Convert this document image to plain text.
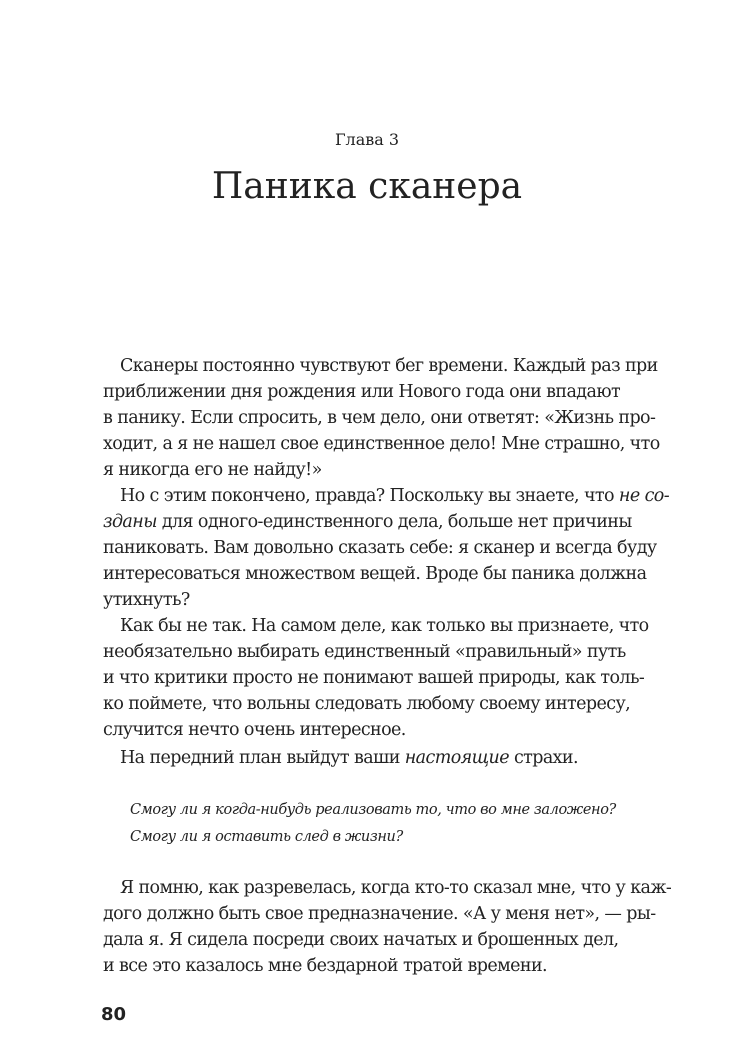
Глава 3
Паника сканера
Сканеры постоянно чувствуют бег времени. Каждый раз при
приближении дня рождения или Нового года они впадают
в панику. Если спросить, в чем дело, они ответят: «Жизнь про-
ходит, а я не нашел свое единственное дело! Мне страшно, что
я никогда его не найду!»
Но с этим покончено, правда? Поскольку вы знаете, что не со-
зданы для одного-единственного дела, больше нет причины
паниковать. Вам довольно сказать себе: я сканер и всегда буду
интересоваться множеством вещей. Вроде бы паника должна
утихнуть?
Как бы не так. На самом деле, как только вы признаете, что
необязательно выбирать единственный «правильный» путь
и что критики просто не понимают вашей природы, как толь-
ко поймете, что вольны следовать любому своему интересу,
случится нечто очень интересное.
На передний план выйдут ваши настоящие страхи.
Смогу ли я когда-нибудь реализовать то, что во мне заложено?
Смогу ли я оставить след в жизни?
Я помню, как разревелась, когда кто-то сказал мне, что у каж-
дого должно быть свое предназначение. «А у меня нет», — ры-
дала я. Я сидела посреди своих начатых и брошенных дел,
и все это казалось мне бездарной тратой времени.
80
